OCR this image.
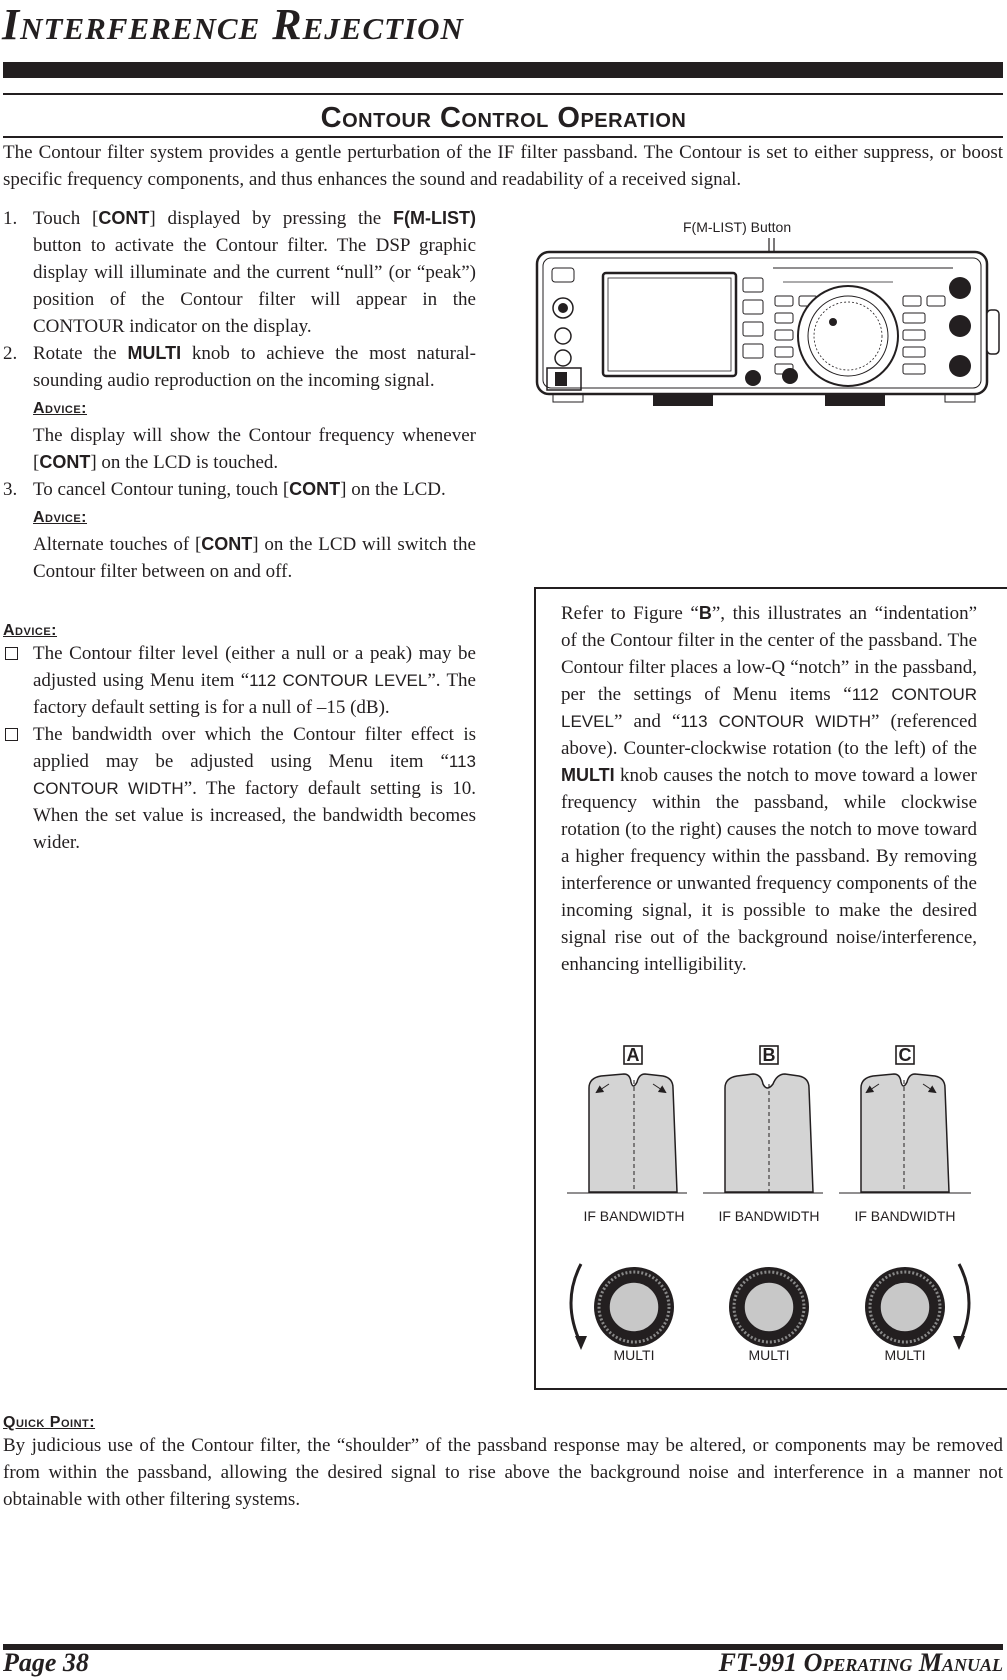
Interference Rejection
Contour Control Operation
The Contour filter system provides a gentle perturbation of the IF filter passband. The Contour is set to either suppress, or boost specific frequency components, and thus enhances the sound and readability of a received signal.
1. Touch [CONT] displayed by pressing the F(M-LIST) button to activate the Contour filter. The DSP graphic display will illuminate and the current “null” (or “peak”) position of the Contour filter will appear in the CONTOUR indicator on the display.
2. Rotate the MULTI knob to achieve the most natural-sounding audio reproduction on the incoming signal.
Advice:
The display will show the Contour frequency whenever [CONT] on the LCD is touched.
3. To cancel Contour tuning, touch [CONT] on the LCD.
Advice:
Alternate touches of [CONT] on the LCD will switch the Contour filter between on and off.
Advice:
The Contour filter level (either a null or a peak) may be adjusted using Menu item “112 CONTOUR LEVEL”. The factory default setting is for a null of –15 (dB).
The bandwidth over which the Contour filter effect is applied may be adjusted using Menu item “113 CONTOUR WIDTH”. The factory default setting is 10. When the set value is increased, the bandwidth becomes wider.
F(M-LIST) Button
Refer to Figure “B”, this illustrates an “indentation” of the Contour filter in the center of the passband. The Contour filter places a low-Q “notch” in the passband, per the settings of Menu items “112 CONTOUR LEVEL” and “113 CONTOUR WIDTH” (referenced above). Counter-clockwise rotation (to the left) of the MULTI knob causes the notch to move toward a lower frequency within the passband, while clockwise rotation (to the right) causes the notch to move toward a higher frequency within the passband. By removing interference or unwanted frequency components of the incoming signal, it is possible to make the desired signal rise out of the background noise/interference, enhancing intelligibility.
A
IF BANDWIDTH
MULTI
B
IF BANDWIDTH
MULTI
C
IF BANDWIDTH
MULTI
Quick Point:
By judicious use of the Contour filter, the “shoulder” of the passband response may be altered, or components may be removed from within the passband, allowing the desired signal to rise above the background noise and interference in a manner not obtainable with other filtering systems.
Page 38	FT-991 Operating Manual
